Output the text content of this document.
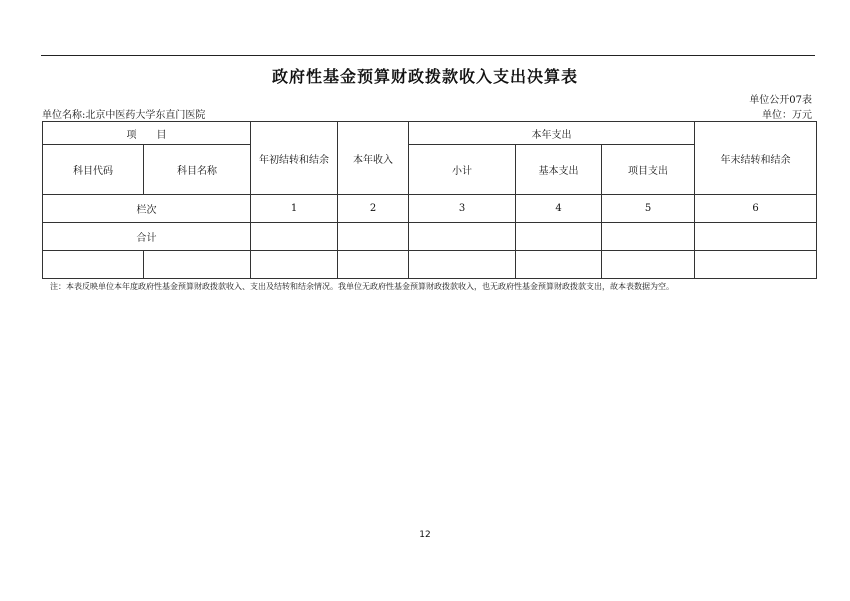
政府性基金预算财政拨款收入支出决算表
单位公开07表
单位名称:北京中医药大学东直门医院	单位：万元
项　　目		年初结转和结余	本年收入	本年支出			年末结转和结余
科目代码	科目名称			小计	基本支出	项目支出	
栏次		1	2	3	4	5	6
合计							

注：本表反映单位本年度政府性基金预算财政拨款收入、支出及结转和结余情况。我单位无政府性基金预算财政拨款收入，也无政府性基金预算财政拨款支出，故本表数据为空。
12
